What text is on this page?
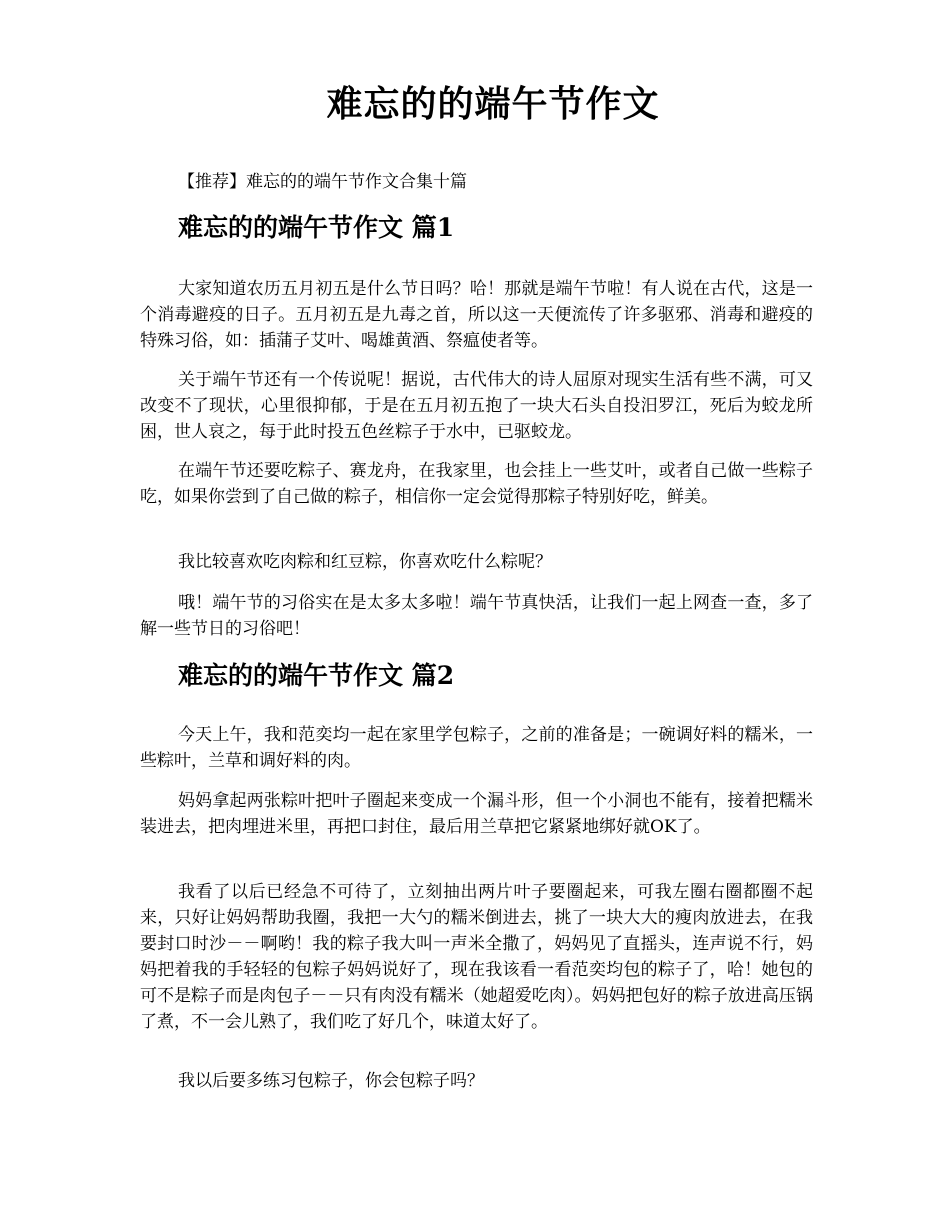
难忘的的端午节作文

【推荐】难忘的的端午节作文合集十篇

难忘的的端午节作文 篇1

大家知道农历五月初五是什么节日吗？哈！那就是端午节啦！有人说在古代，这是一个消毒避疫的日子。五月初五是九毒之首，所以这一天便流传了许多驱邪、消毒和避疫的特殊习俗，如：插蒲子艾叶、喝雄黄酒、祭瘟使者等。

关于端午节还有一个传说呢！据说，古代伟大的诗人屈原对现实生活有些不满，可又改变不了现状，心里很抑郁，于是在五月初五抱了一块大石头自投汨罗江，死后为蛟龙所困，世人哀之，每于此时投五色丝粽子于水中，已驱蛟龙。

在端午节还要吃粽子、赛龙舟，在我家里，也会挂上一些艾叶，或者自己做一些粽子吃，如果你尝到了自己做的粽子，相信你一定会觉得那粽子特别好吃，鲜美。

我比较喜欢吃肉粽和红豆粽，你喜欢吃什么粽呢？

哦！端午节的习俗实在是太多太多啦！端午节真快活，让我们一起上网查一查，多了解一些节日的习俗吧！

难忘的的端午节作文 篇2

今天上午，我和范奕均一起在家里学包粽子，之前的准备是；一碗调好料的糯米，一些粽叶，兰草和调好料的肉。

妈妈拿起两张粽叶把叶子圈起来变成一个漏斗形，但一个小洞也不能有，接着把糯米装进去，把肉埋进米里，再把口封住，最后用兰草把它紧紧地绑好就OK了。

我看了以后已经急不可待了，立刻抽出两片叶子要圈起来，可我左圈右圈都圈不起来，只好让妈妈帮助我圈，我把一大勺的糯米倒进去，挑了一块大大的瘦肉放进去，在我要封口时沙－－啊哟！我的粽子我大叫一声米全撒了，妈妈见了直摇头，连声说不行，妈妈把着我的手轻轻的包粽子妈妈说好了，现在我该看一看范奕均包的粽子了，哈！她包的可不是粽子而是肉包子－－只有肉没有糯米（她超爱吃肉）。妈妈把包好的粽子放进高压锅了煮，不一会儿熟了，我们吃了好几个，味道太好了。

我以后要多练习包粽子，你会包粽子吗？
